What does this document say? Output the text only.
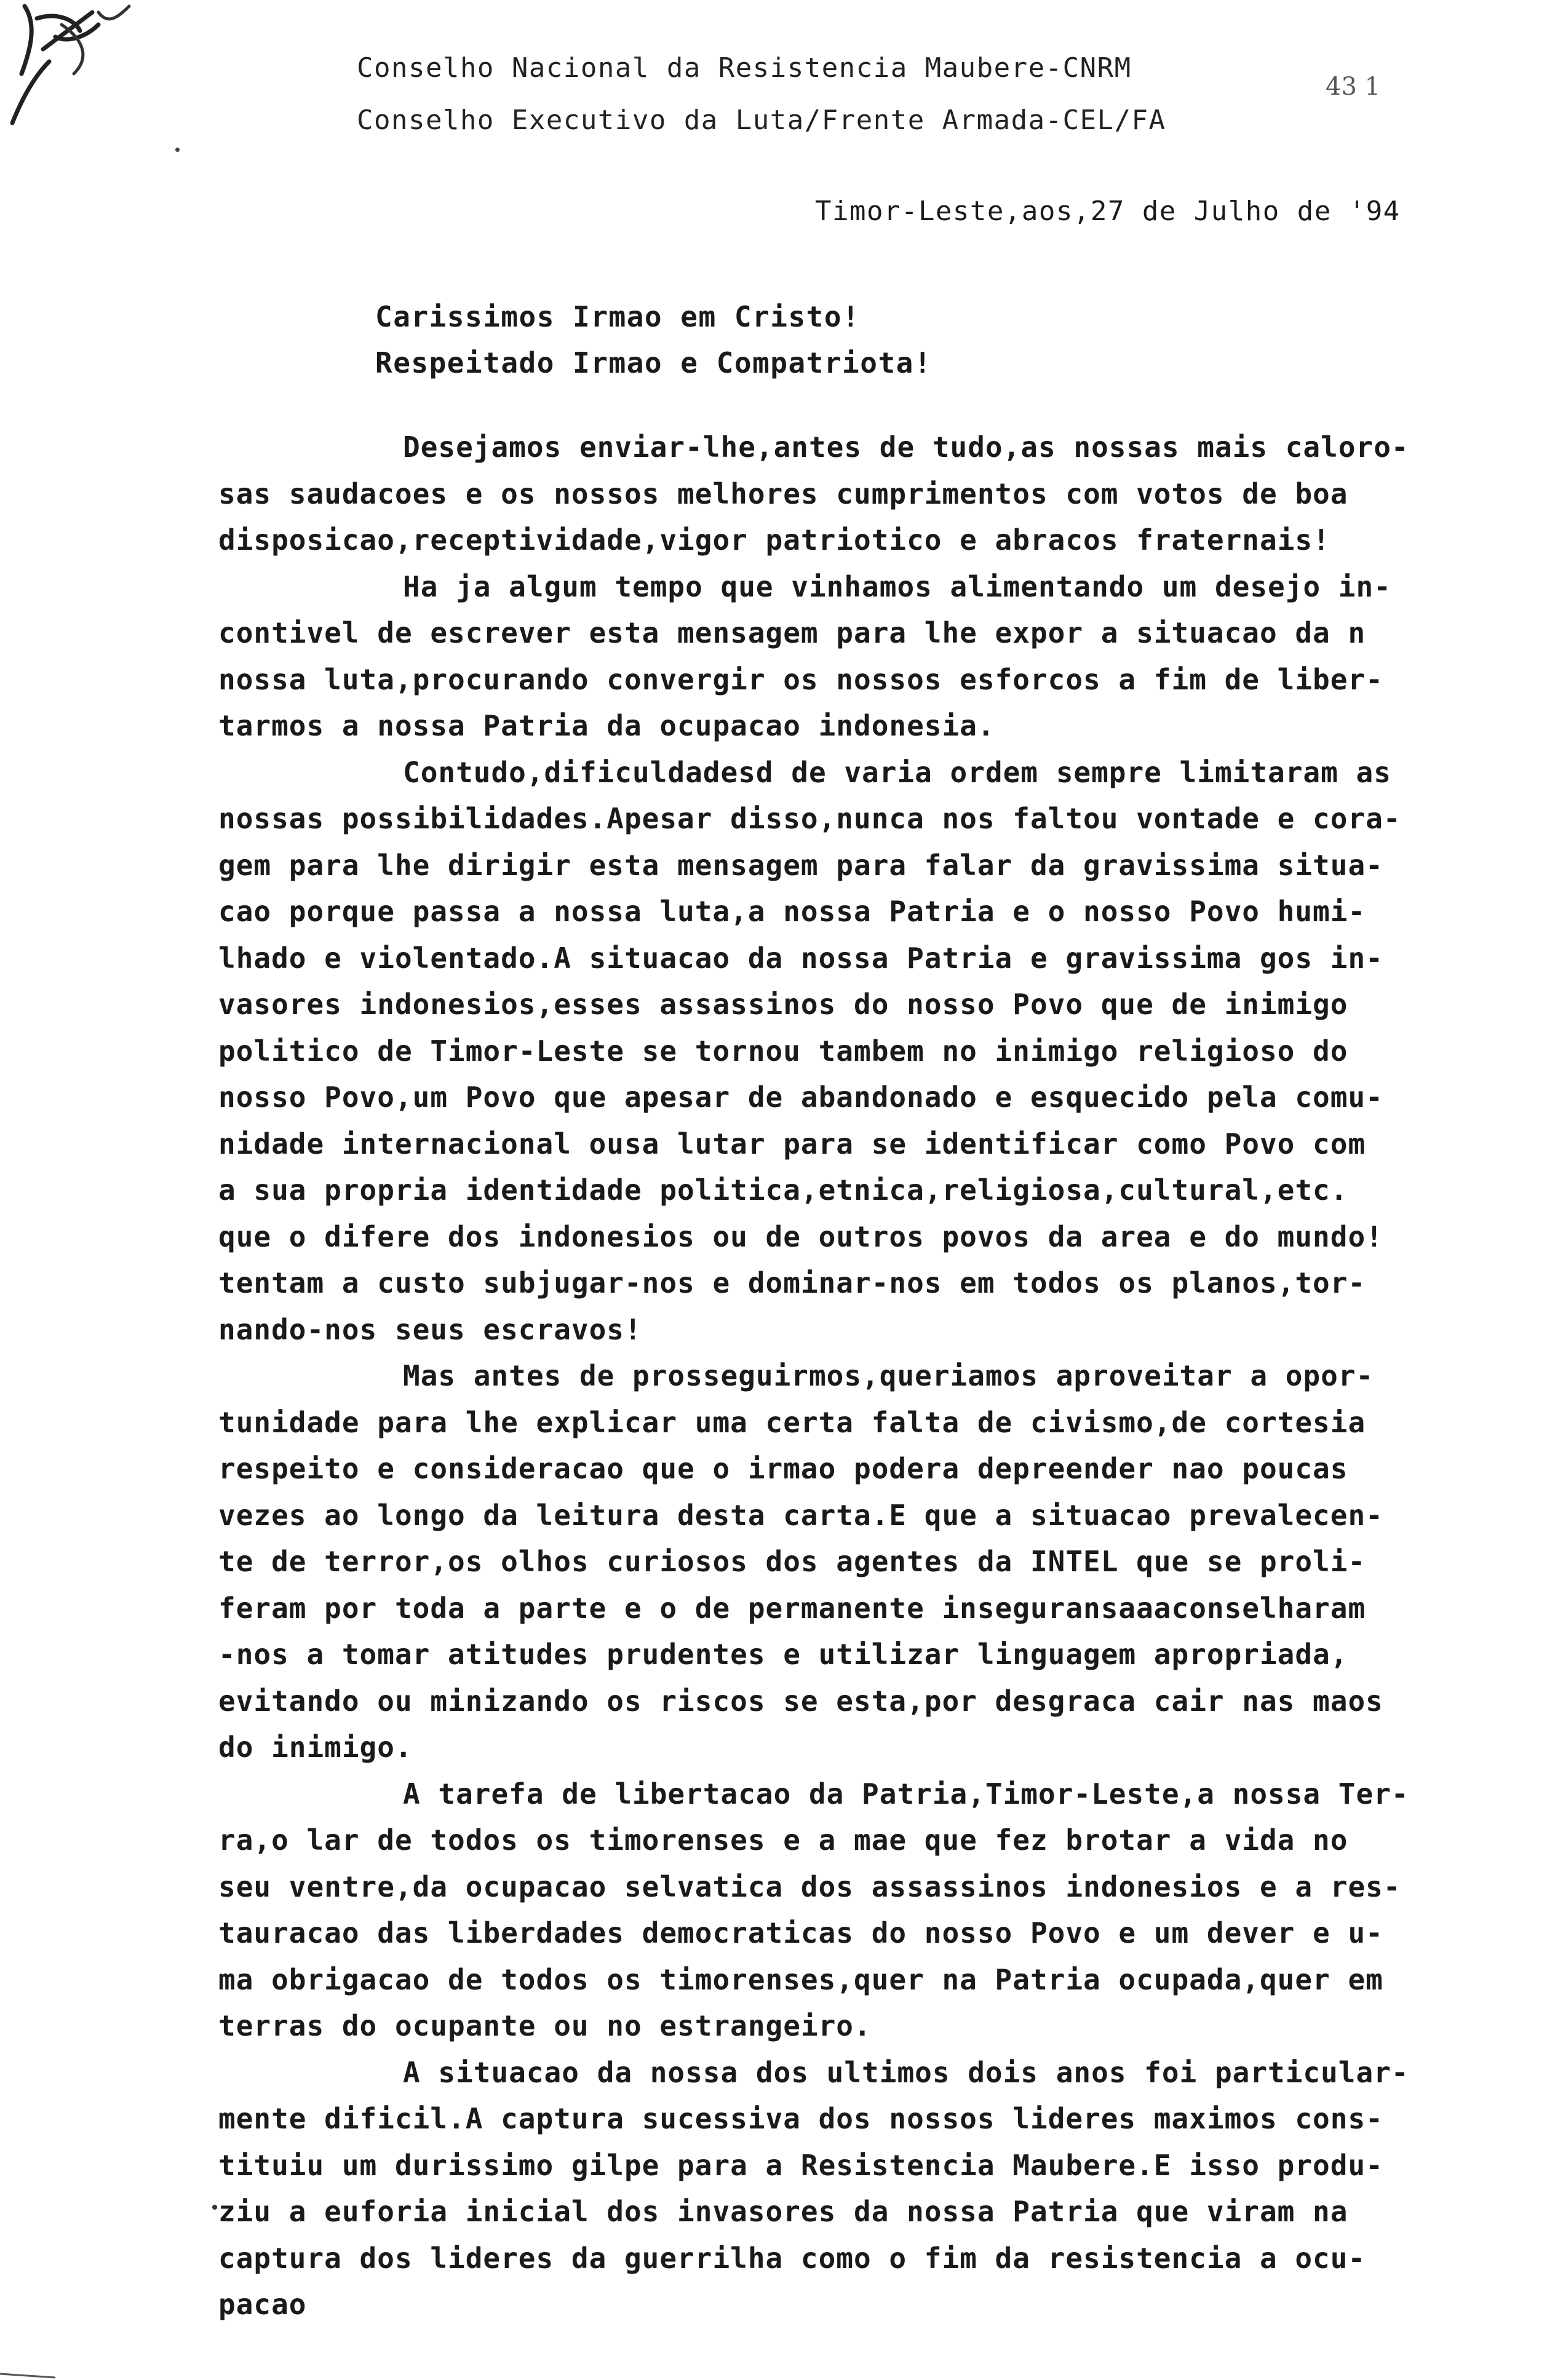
Conselho Nacional da Resistencia Maubere-CNRM
Conselho Executivo da Luta/Frente Armada-CEL/FA
43 1
Timor-Leste,aos,27 de Julho de '94
Carissimos Irmao em Cristo!
Respeitado Irmao e Compatriota!
Desejamos enviar-lhe,antes de tudo,as nossas mais caloro-
sas saudacoes e os nossos melhores cumprimentos com votos de boa
disposicao,receptividade,vigor patriotico e abracos fraternais!
Ha ja algum tempo que vinhamos alimentando um desejo in-
contivel de escrever esta mensagem para lhe expor a situacao da n
nossa luta,procurando convergir os nossos esforcos a fim de liber-
tarmos a nossa Patria da ocupacao indonesia.
Contudo,dificuldadesd de varia ordem sempre limitaram as
nossas possibilidades.Apesar disso,nunca nos faltou vontade e cora-
gem para lhe dirigir esta mensagem para falar da gravissima situa-
cao porque passa a nossa luta,a nossa Patria e o nosso Povo humi-
lhado e violentado.A situacao da nossa Patria e gravissima gos in-
vasores indonesios,esses assassinos do nosso Povo que de inimigo
politico de Timor-Leste se tornou tambem no inimigo religioso do
nosso Povo,um Povo que apesar de abandonado e esquecido pela comu-
nidade internacional ousa lutar para se identificar como Povo com
a sua propria identidade politica,etnica,religiosa,cultural,etc.
que o difere dos indonesios ou de outros povos da area e do mundo!
tentam a custo subjugar-nos e dominar-nos em todos os planos,tor-
nando-nos seus escravos!
Mas antes de prosseguirmos,queriamos aproveitar a opor-
tunidade para lhe explicar uma certa falta de civismo,de cortesia
respeito e consideracao que o irmao podera depreender nao poucas
vezes ao longo da leitura desta carta.E que a situacao prevalecen-
te de terror,os olhos curiosos dos agentes da INTEL que se proli-
feram por toda a parte e o de permanente inseguransaaaconselharam
-nos a tomar atitudes prudentes e utilizar linguagem apropriada,
evitando ou minizando os riscos se esta,por desgraca cair nas maos
do inimigo.
A tarefa de libertacao da Patria,Timor-Leste,a nossa Ter-
ra,o lar de todos os timorenses e a mae que fez brotar a vida no
seu ventre,da ocupacao selvatica dos assassinos indonesios e a res-
tauracao das liberdades democraticas do nosso Povo e um dever e u-
ma obrigacao de todos os timorenses,quer na Patria ocupada,quer em
terras do ocupante ou no estrangeiro.
A situacao da nossa dos ultimos dois anos foi particular-
mente dificil.A captura sucessiva dos nossos lideres maximos cons-
tituiu um durissimo gilpe para a Resistencia Maubere.E isso produ-
ziu a euforia inicial dos invasores da nossa Patria que viram na
captura dos lideres da guerrilha como o fim da resistencia a ocu-
pacao
